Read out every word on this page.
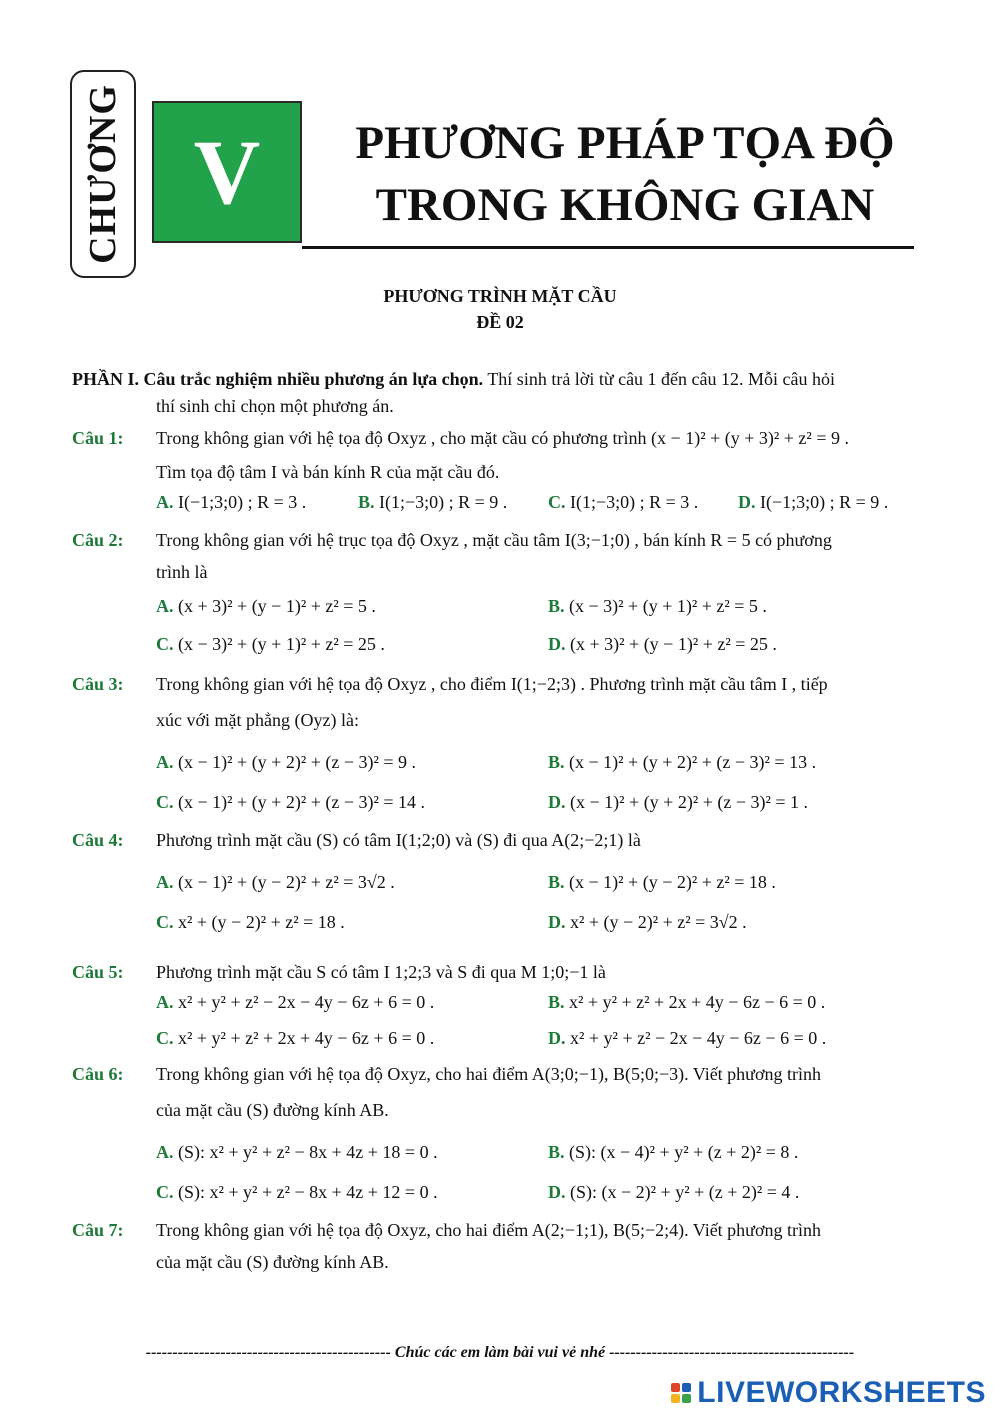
CHƯƠNG V	PHƯƠNG PHÁP TỌA ĐỘ
TRONG KHÔNG GIAN
PHƯƠNG TRÌNH MẶT CẦU
ĐỀ 02
PHẦN I. Câu trắc nghiệm nhiều phương án lựa chọn. Thí sinh trả lời từ câu 1 đến câu 12. Mỗi câu hỏi
thí sinh chỉ chọn một phương án.
Câu 1: Trong không gian với hệ tọa độ Oxyz , cho mặt cầu có phương trình (x − 1)² + (y + 3)² + z² = 9 .
Tìm tọa độ tâm I và bán kính R của mặt cầu đó.
A. I(−1;3;0) ; R = 3 .	B. I(1;−3;0) ; R = 9 . C. I(1;−3;0) ; R = 3 . D. I(−1;3;0) ; R = 9 .
Câu 2: Trong không gian với hệ trục tọa độ Oxyz , mặt cầu tâm I(3;−1;0) , bán kính R = 5 có phương
trình là
A. (x + 3)² + (y − 1)² + z² = 5 .	B. (x − 3)² + (y + 1)² + z² = 5 .
C. (x − 3)² + (y + 1)² + z² = 25 .	D. (x + 3)² + (y − 1)² + z² = 25 .
Câu 3: Trong không gian với hệ tọa độ Oxyz , cho điểm I(1;−2;3) . Phương trình mặt cầu tâm I , tiếp
xúc với mặt phẳng (Oyz) là:
A. (x − 1)² + (y + 2)² + (z − 3)² = 9 .	B. (x − 1)² + (y + 2)² + (z − 3)² = 13 .
C. (x − 1)² + (y + 2)² + (z − 3)² = 14 .	D. (x − 1)² + (y + 2)² + (z − 3)² = 1 .
Câu 4: Phương trình mặt cầu (S) có tâm I(1;2;0) và (S) đi qua A(2;−2;1) là
A. (x − 1)² + (y − 2)² + z² = 3√2 .	B. (x − 1)² + (y − 2)² + z² = 18 .
C. x² + (y − 2)² + z² = 18 .	D. x² + (y − 2)² + z² = 3√2 .
Câu 5: Phương trình mặt cầu S có tâm I 1;2;3 và S đi qua M 1;0;−1 là
A. x² + y² + z² − 2x − 4y − 6z + 6 = 0 .	B. x² + y² + z² + 2x + 4y − 6z − 6 = 0 .
C. x² + y² + z² + 2x + 4y − 6z + 6 = 0 .	D. x² + y² + z² − 2x − 4y − 6z − 6 = 0 .
Câu 6: Trong không gian với hệ tọa độ Oxyz, cho hai điểm A(3;0;−1), B(5;0;−3). Viết phương trình
của mặt cầu (S) đường kính AB.
A. (S): x² + y² + z² − 8x + 4z + 18 = 0 .	B. (S): (x − 4)² + y² + (z + 2)² = 8 .
C. (S): x² + y² + z² − 8x + 4z + 12 = 0 .	D. (S): (x − 2)² + y² + (z + 2)² = 4 .
Câu 7: Trong không gian với hệ tọa độ Oxyz, cho hai điểm A(2;−1;1), B(5;−2;4). Viết phương trình
của mặt cầu (S) đường kính AB.
---------------------------------------------- Chúc các em làm bài vui vẻ nhé ----------------------------------------------
LIVEWORKSHEETS
